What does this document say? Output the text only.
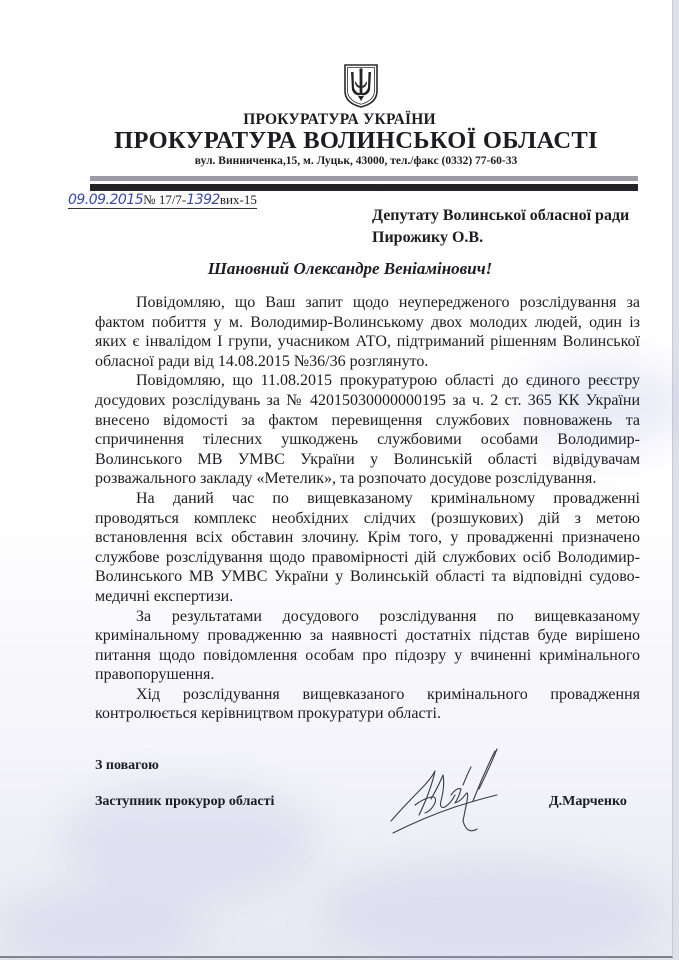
ПРОКУРАТУРА УКРАЇНИ
ПРОКУРАТУРА ВОЛИНСЬКОЇ ОБЛАСТІ
вул. Винниченка,15, м. Луцьк, 43000, тел./факс (0332) 77-60-33
09.09.2015№ 17/7-1392вих-15
Депутату Волинської обласної ради
Пирожику О.В.
Шановний Олександре Веніамінович!

Повідомляю, що Ваш запит щодо неупередженого розслідування за фактом побиття у м. Володимир-Волинському двох молодих людей, один із яких є інвалідом І групи, учасником АТО, підтриманий рішенням Волинської обласної ради від 14.08.2015 №36/36 розглянуто.

Повідомляю, що 11.08.2015 прокуратурою області до єдиного реєстру досудових розслідувань за № 42015030000000195 за ч. 2 ст. 365 КК України внесено відомості за фактом перевищення службових повноважень та спричинення тілесних ушкоджень службовими особами Володимир-Волинського МВ УМВС України у Волинській області відвідувачам розважального закладу «Метелик», та розпочато досудове розслідування.

На даний час по вищевказаному кримінальному провадженні проводяться комплекс необхідних слідчих (розшукових) дій з метою встановлення всіх обставин злочину. Крім того, у провадженні призначено службове розслідування щодо правомірності дій службових осіб Володимир-Волинського МВ УМВС України у Волинській області та відповідні судово-медичні експертизи.

За результатами досудового розслідування по вищевказаному кримінальному провадженню за наявності достатніх підстав буде вирішено питання щодо повідомлення особам про підозру у вчиненні кримінального правопорушення.

Хід розслідування вищевказаного кримінального провадження контролюється керівництвом прокуратури області.

З повагою
Заступник прокурор області	Д.Марченко
